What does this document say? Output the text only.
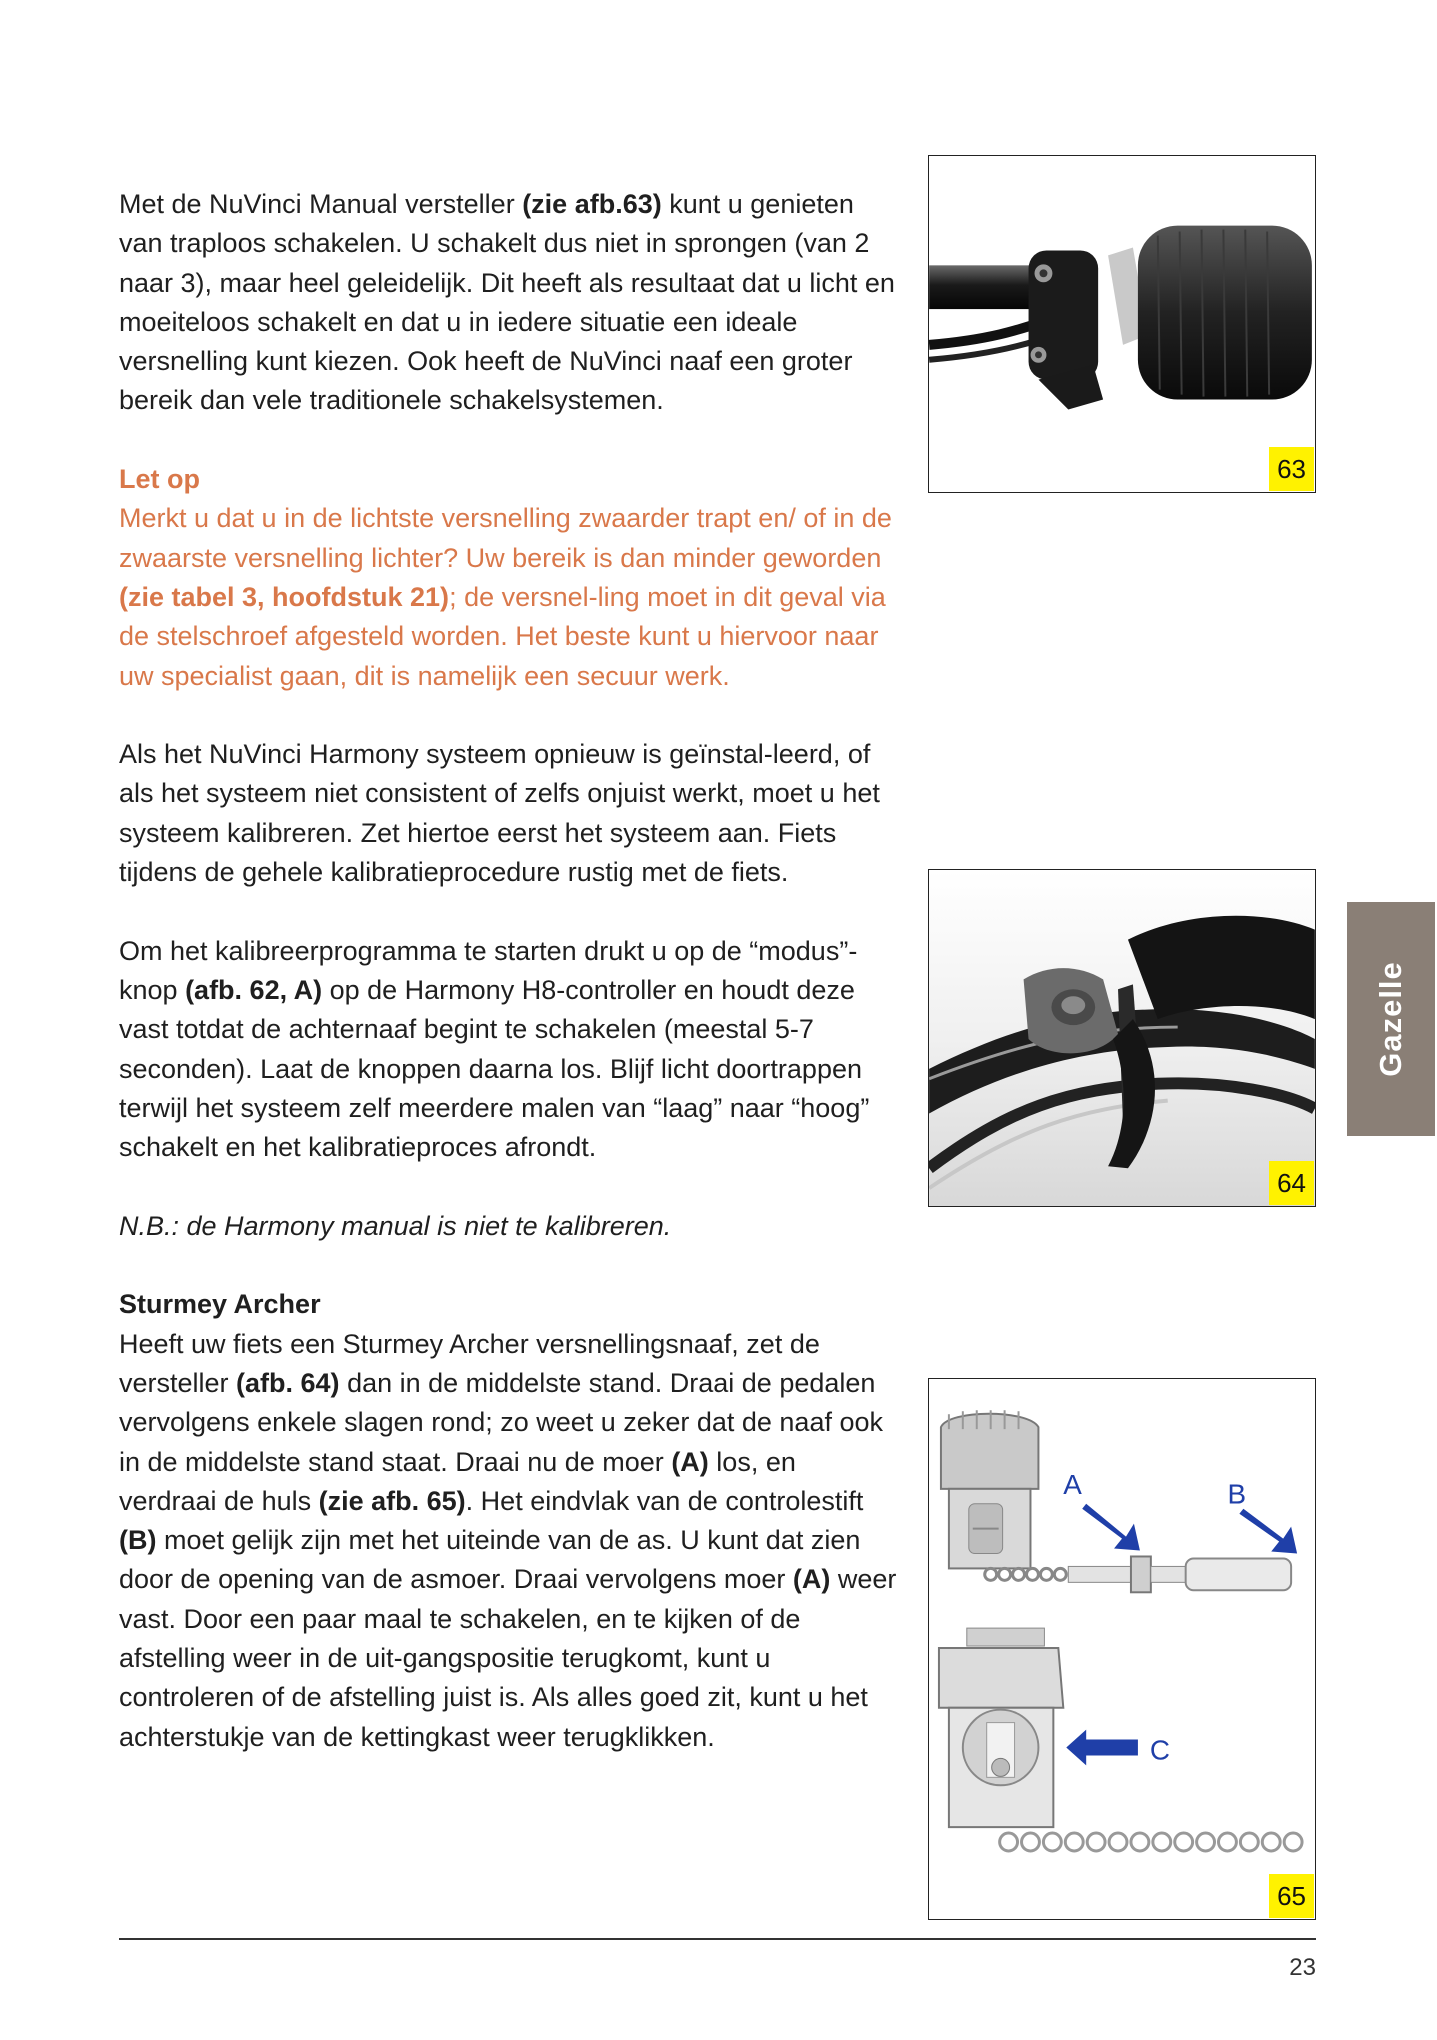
Met de NuVinci Manual versteller (zie afb.63) kunt u genieten van traploos schakelen. U schakelt dus niet in sprongen (van 2 naar 3), maar heel geleidelijk. Dit heeft als resultaat dat u licht en moeiteloos schakelt en dat u in iedere situatie een ideale versnelling kunt kiezen. Ook heeft de NuVinci naaf een groter bereik dan vele traditionele schakelsystemen.

Let op

Merkt u dat u in de lichtste versnelling zwaarder trapt en/ of in de zwaarste versnelling lichter? Uw bereik is dan minder geworden (zie tabel 3, hoofdstuk 21); de versnel-ling moet in dit geval via de stelschroef afgesteld worden. Het beste kunt u hiervoor naar uw specialist gaan, dit is namelijk een secuur werk.

Als het NuVinci Harmony systeem opnieuw is geïnstal-leerd, of als het systeem niet consistent of zelfs onjuist werkt, moet u het systeem kalibreren. Zet hiertoe eerst het systeem aan. Fiets tijdens de gehele kalibratieprocedure rustig met de fiets.

Om het kalibreerprogramma te starten drukt u op de “modus”-knop (afb. 62, A) op de Harmony H8-controller en houdt deze vast totdat de achternaaf begint te schakelen (meestal 5-7 seconden). Laat de knoppen daarna los. Blijf licht doortrappen terwijl het systeem zelf meerdere malen van “laag” naar “hoog” schakelt en het kalibratieproces afrondt.

N.B.: de Harmony manual is niet te kalibreren.

Sturmey Archer

Heeft uw fiets een Sturmey Archer versnellingsnaaf, zet de versteller (afb. 64) dan in de middelste stand. Draai de pedalen vervolgens enkele slagen rond; zo weet u zeker dat de naaf ook in de middelste stand staat. Draai nu de moer (A) los, en verdraai de huls (zie afb. 65). Het eindvlak van de controlestift (B) moet gelijk zijn met het uiteinde van de as. U kunt dat zien door de opening van de asmoer. Draai vervolgens moer (A) weer vast. Door een paar maal te schakelen, en te kijken of de afstelling weer in de uit-gangspositie terugkomt, kunt u controleren of de afstelling juist is. Als alles goed zit, kunt u het achterstukje van de kettingkast weer terugklikken.

63
64
A	B
C
65
Gazelle
23
